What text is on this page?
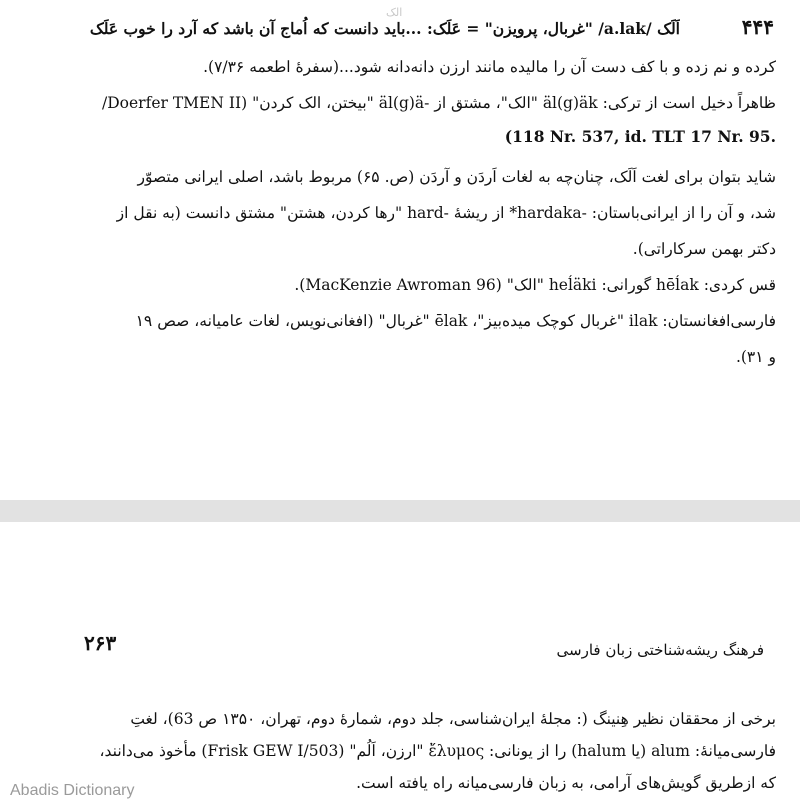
الک
۴۴۴
اَلَک /a.lak/ "غربال، پرویزن" = عَلَک: ...باید دانست که اُماج آن باشد که آرد را خوب عَلَک
کرده و نم زده و با کف دست آن را مالیده مانند ارزن دانه‌دانه شود...(سفرهٔ اطعمه ۷/۳۶).
ظاهراً دخیل است از ترکی: äl(g)äk "الک"، مشتق از -äl(g)ä "بیختن، الک کردن" (Doerfer TMEN II/
(118 Nr. 537, id. TLT 17 Nr. 95.
شاید بتوان برای لغت اَلَک، چنان‌چه به لغات اَردَن و آردَن (ص. ۶۵) مربوط باشد، اصلی ایرانی متصوّر
شد، و آن را از ایرانی‌باستان: -hardaka* از ریشهٔ -hard "رها کردن، هشتن" مشتق دانست (به نقل از
دکتر بهمن سرکاراتی).
قس کردی: hēĺak گورانی: heĺäki "الک" (MacKenzie Awroman 96).
فارسی‌افغانستان: ilak "غربال کوچک میده‌بیز"، ēlak "غربال" (افغانی‌نویس، لغات عامیانه، صص ۱۹
و ۳۱).
۲۶۳	فرهنگ ریشه‌شناختی زبان فارسی
برخی از محققان نظیر هِنینگ (: مجلهٔ ایران‌شناسی، جلد دوم، شمارهٔ دوم، تهران، ۱۳۵۰ ص 63)، لغتِ
فارسی‌میانهٔ: alum (یا halum) را از یونانی: ἔλυμος "ارزن، اَلُم" (Frisk GEW I/503) مأخوذ می‌دانند،
که ازطریق گویش‌های آرامی، به زبان فارسی‌میانه راه یافته است.
Abadis Dictionary
